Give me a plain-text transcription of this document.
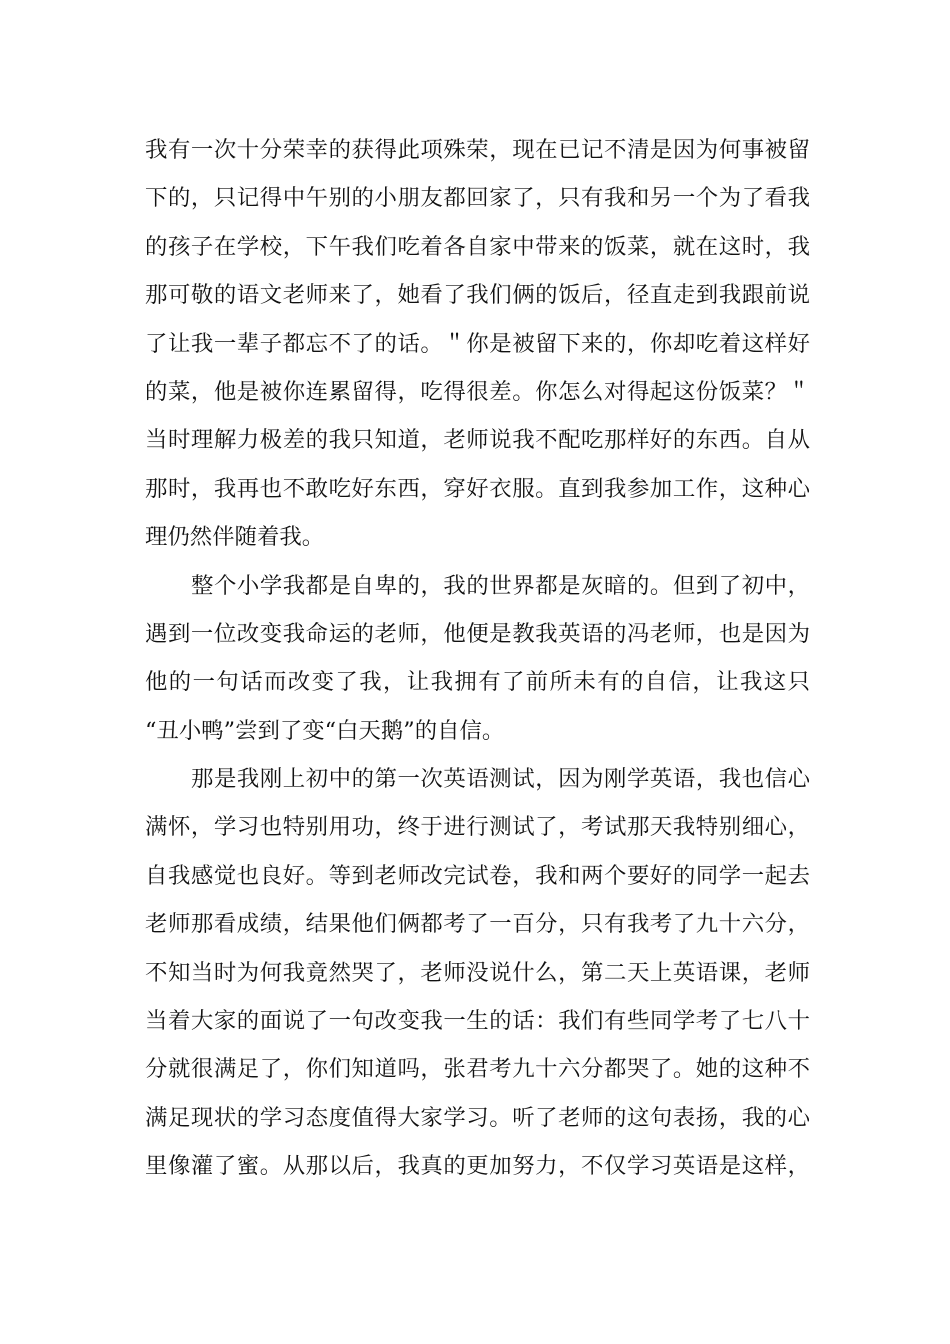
我有一次十分荣幸的获得此项殊荣，现在已记不清是因为何事被留
下的，只记得中午别的小朋友都回家了，只有我和另一个为了看我
的孩子在学校，下午我们吃着各自家中带来的饭菜，就在这时，我
那可敬的语文老师来了，她看了我们俩的饭后，径直走到我跟前说
了让我一辈子都忘不了的话。＂你是被留下来的，你却吃着这样好
的菜，他是被你连累留得，吃得很差。你怎么对得起这份饭菜？＂
当时理解力极差的我只知道，老师说我不配吃那样好的东西。自从
那时，我再也不敢吃好东西，穿好衣服。直到我参加工作，这种心
理仍然伴随着我。
整个小学我都是自卑的，我的世界都是灰暗的。但到了初中，
遇到一位改变我命运的老师，他便是教我英语的冯老师，也是因为
他的一句话而改变了我，让我拥有了前所未有的自信，让我这只
“丑小鸭”尝到了变“白天鹅”的自信。
那是我刚上初中的第一次英语测试，因为刚学英语，我也信心
满怀，学习也特别用功，终于进行测试了，考试那天我特别细心，
自我感觉也良好。等到老师改完试卷，我和两个要好的同学一起去
老师那看成绩，结果他们俩都考了一百分，只有我考了九十六分，
不知当时为何我竟然哭了，老师没说什么，第二天上英语课，老师
当着大家的面说了一句改变我一生的话：我们有些同学考了七八十
分就很满足了，你们知道吗，张君考九十六分都哭了。她的这种不
满足现状的学习态度值得大家学习。听了老师的这句表扬，我的心
里像灌了蜜。从那以后，我真的更加努力，不仅学习英语是这样，
